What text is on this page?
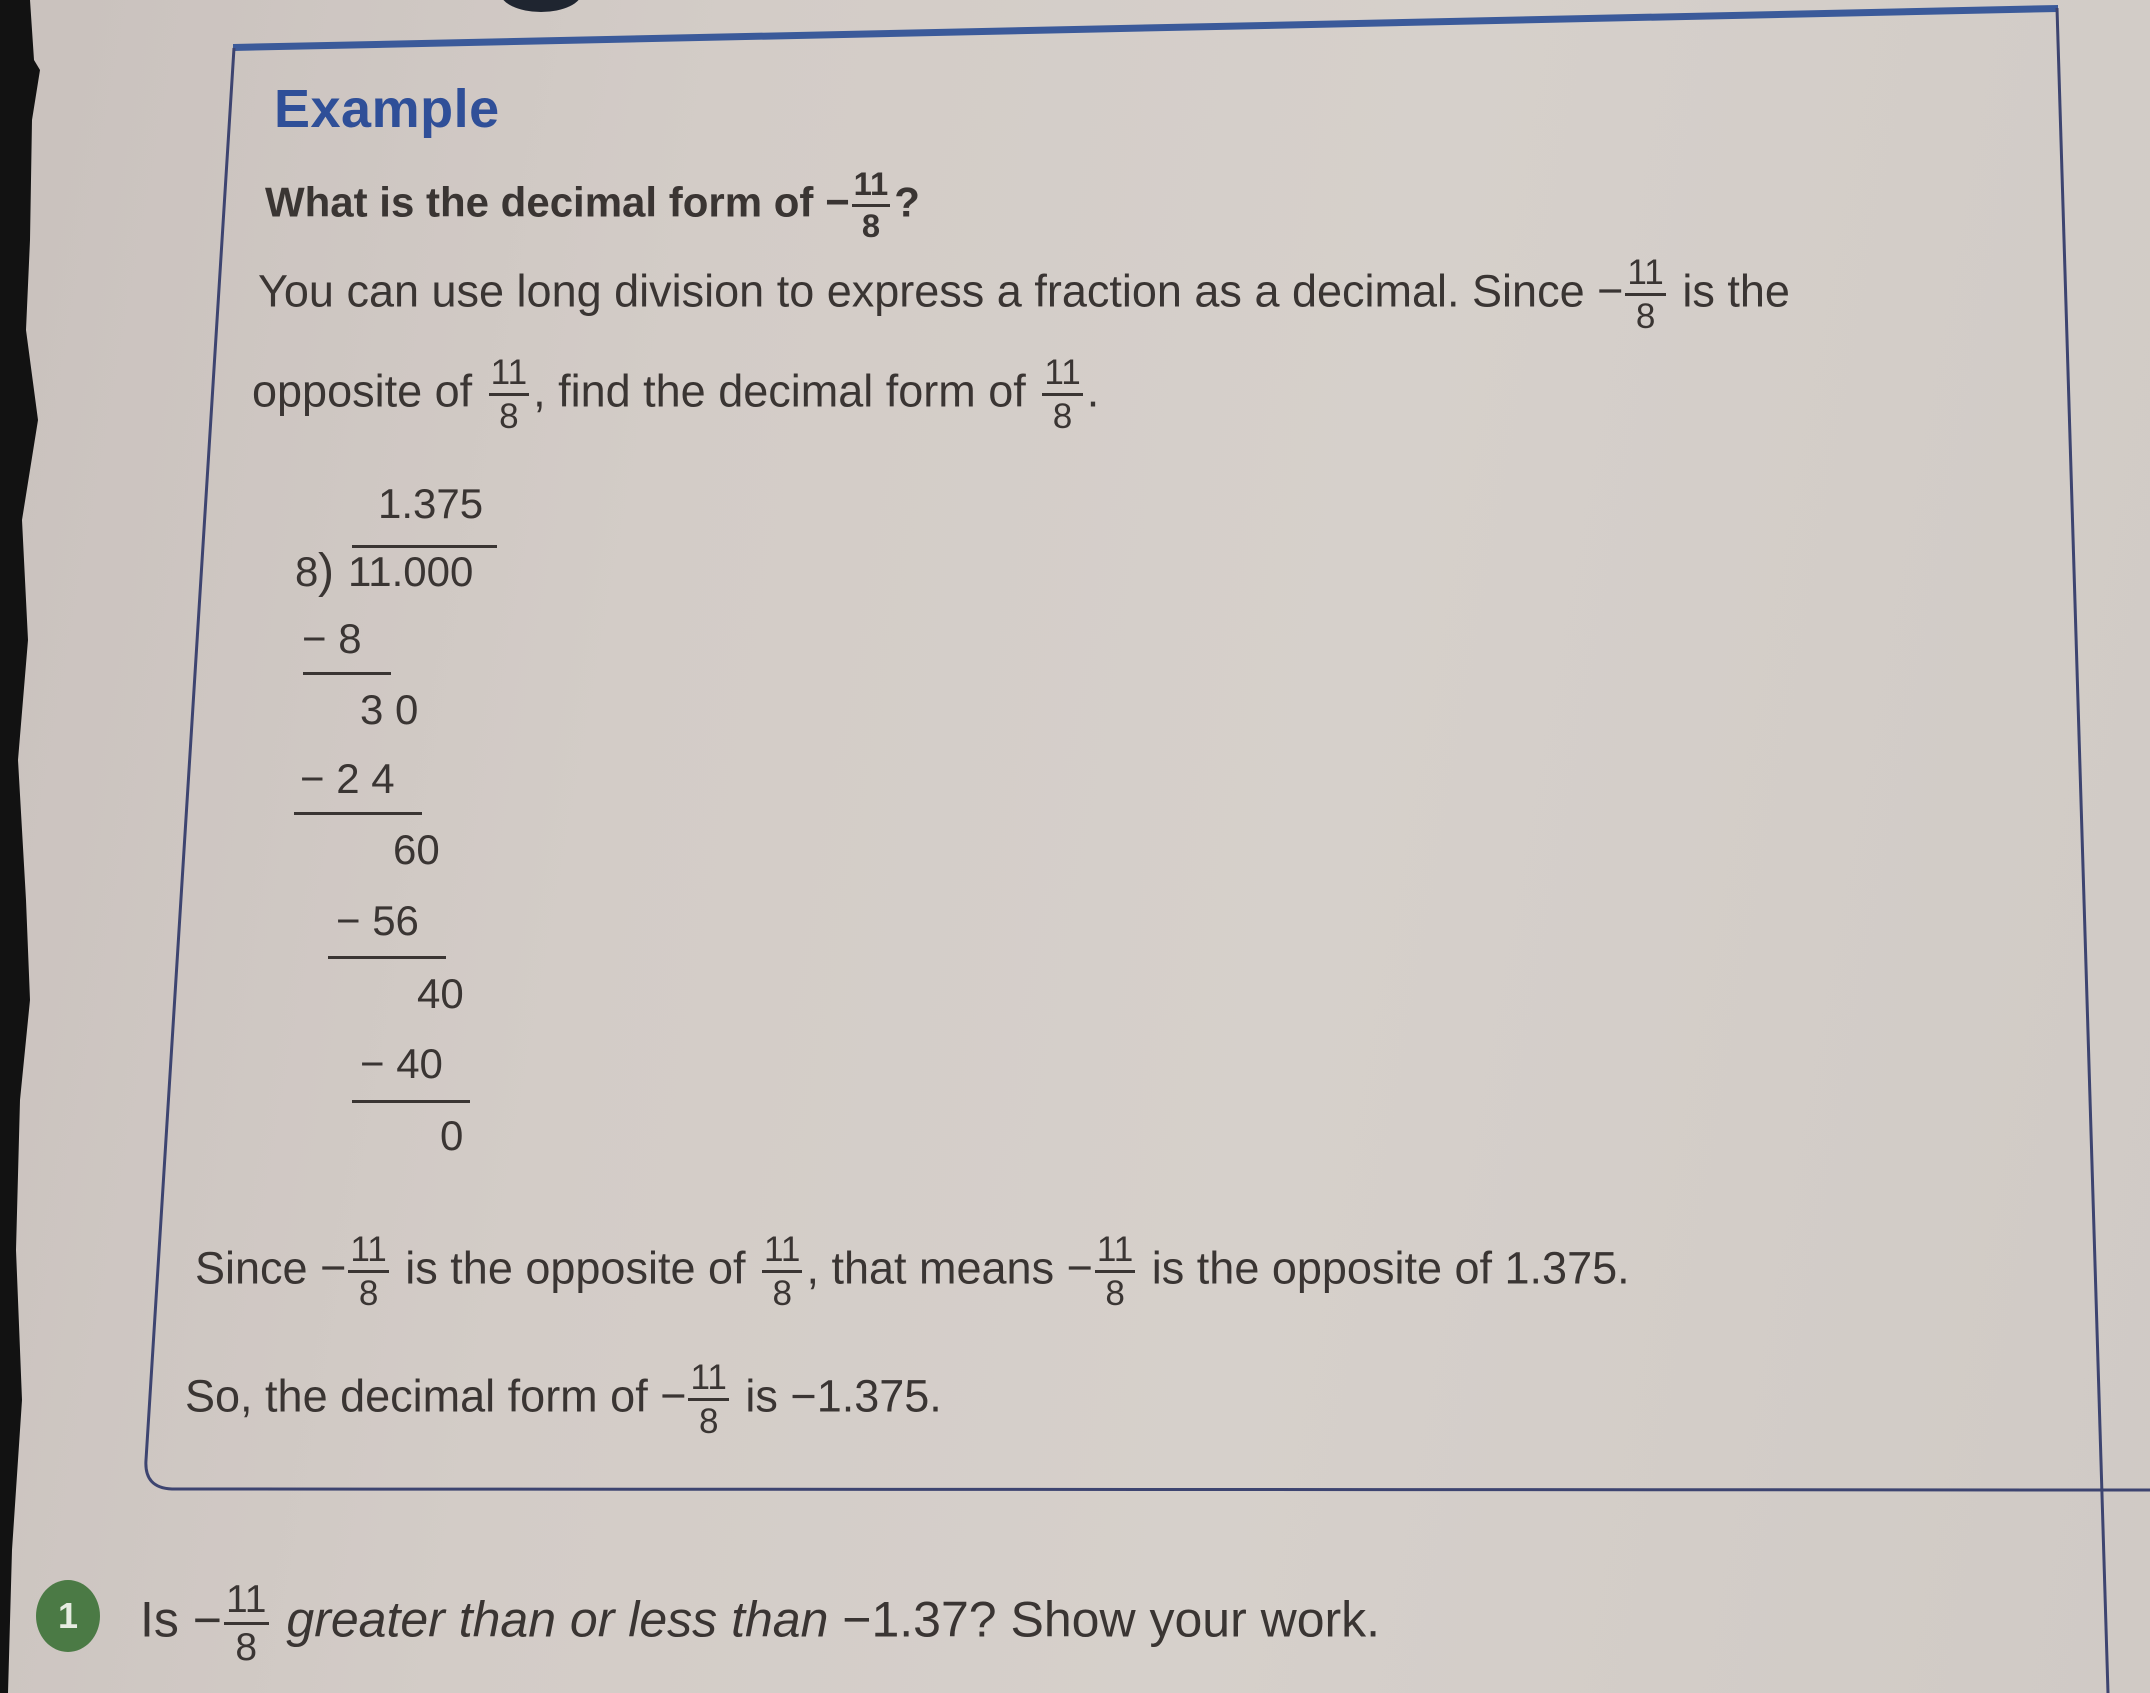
Example
What is the decimal form of − $\frac{11}{8}$ ?
You can use long division to express a fraction as a decimal. Since − $\frac{11}{8}$ is the
opposite of $\frac{11}{8}$ , find the decimal form of $\frac{11}{8}$ .
1.375
8 ) 11.000
− 8
3 0
− 2 4
60
− 56
40
− 40
0
Since − $\frac{11}{8}$ is the opposite of $\frac{11}{8}$ , that means − $\frac{11}{8}$ is the opposite of 1.375.
So, the decimal form of − $\frac{11}{8}$ is −1.375.
1	$Is - \frac{11}{8}$ greater than or less than −1.37? Show your work.
